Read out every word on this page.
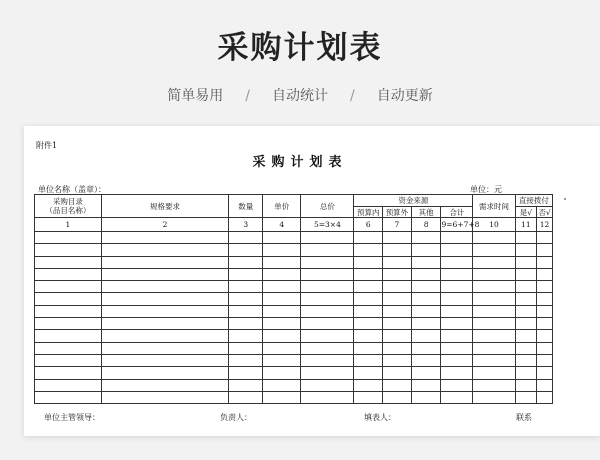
采购计划表
简单易用 / 自动统计 / 自动更新
附件1
采购计划表
单位名称（盖章）：	单位：元
采购目录
（品目名称）	规格要求	数量	单价	总价	资金来源				需求时间	直接拨付	
					预算内	预算外	其他	合计		是√	否√
1	2	3	4	5=3×4	6	7	8	9=6+7+8	10	11	12

单位主管领导：	负责人：	填表人：	联系
